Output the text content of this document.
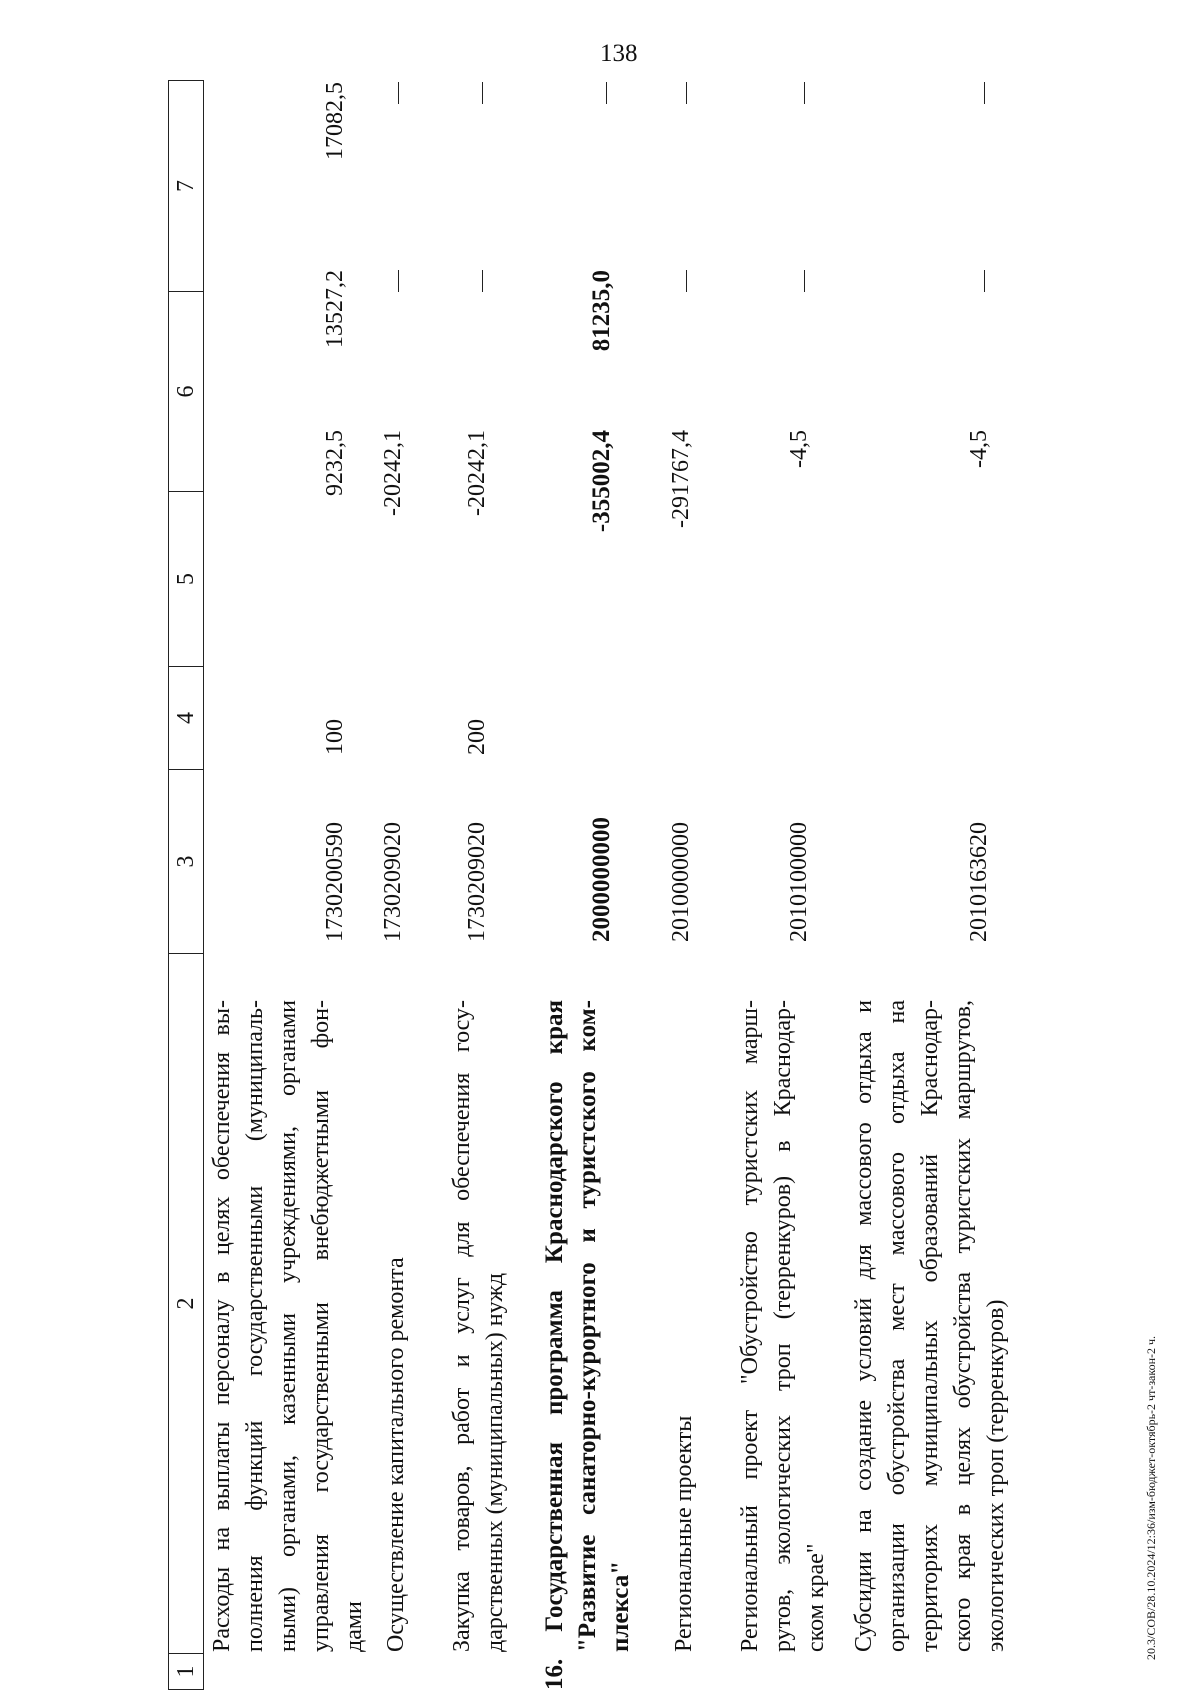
138
20.3/СОВ/28.10.2024/12:36/изм-бюджет-октябрь-2 чт-закон-2 ч.
1
2
3
4
5
6
7
Расходы на выплаты персоналу в целях обеспечения вы- полнения функций государственными (муниципаль- ными) органами, казенными учреждениями, органами управления государственными внебюджетными фон- дами
1730200590
100
9232,5
13527,2
17082,5
Осуществление капитального ремонта
1730209020
-20242,1
Закупка товаров, работ и услуг для обеспечения госу- дарственных (муниципальных) нужд
1730209020
200
-20242,1
16. Государственная программа Краснодарского края "Развитие санаторно-курортного и туристского ком- плекса"
2000000000
-355002,4
81235,0
Региональные проекты
2010000000
-291767,4
Региональный проект "Обустройство туристских марш- рутов, экологических троп (терренкуров) в Краснодар- ском крае"
2010100000
-4,5
Субсидии на создание условий для массового отдыха и организации обустройства мест массового отдыха на территориях муниципальных образований Краснодар- ского края в целях обустройства туристских маршрутов, экологических троп (терренкуров)
2010163620
-4,5
